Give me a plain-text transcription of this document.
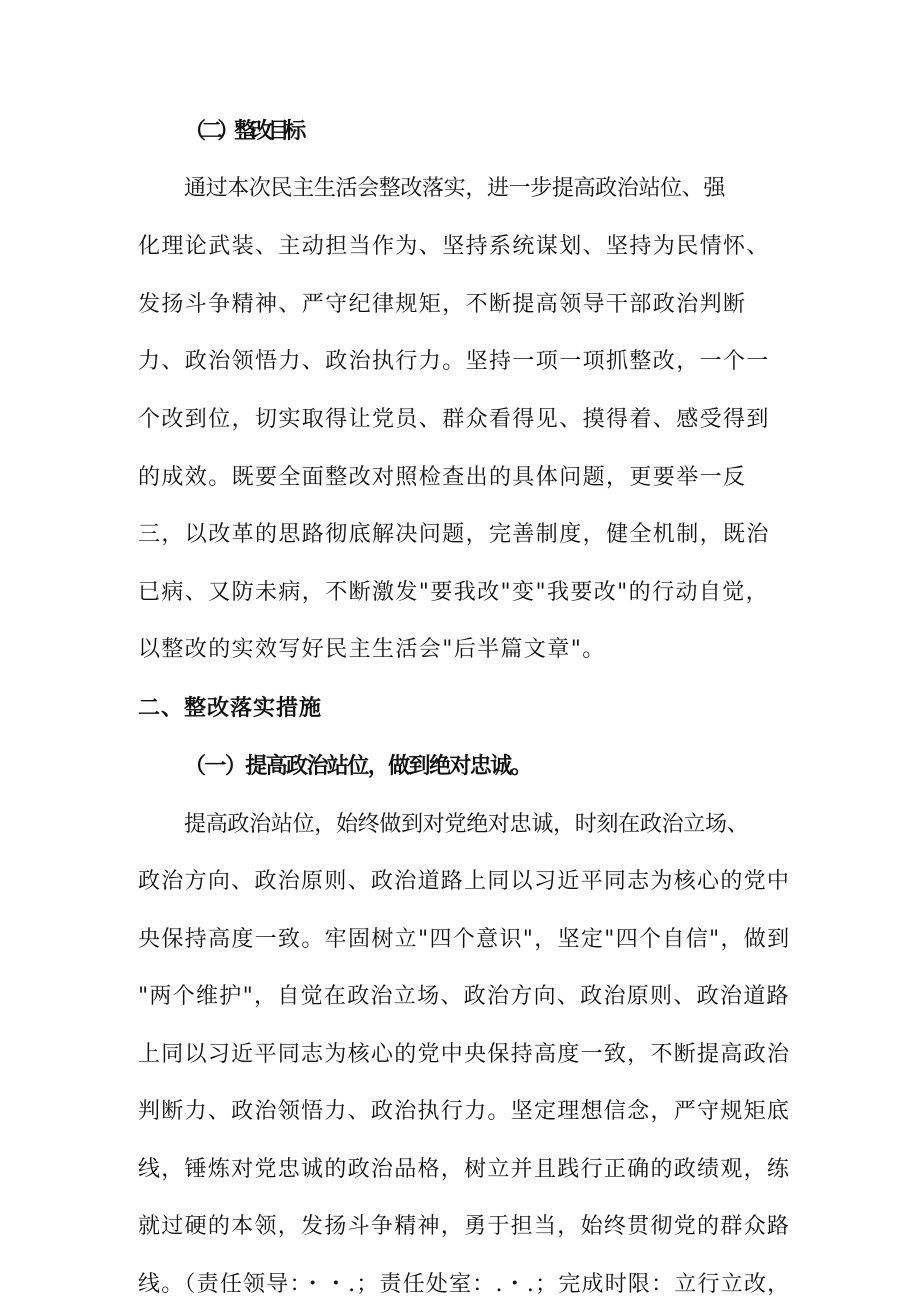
（二）整改目标
通过本次民主生活会整改落实，进一步提高政治站位、强
化理论武装、主动担当作为、坚持系统谋划、坚持为民情怀、
发扬斗争精神、严守纪律规矩，不断提高领导干部政治判断
力、政治领悟力、政治执行力。坚持一项一项抓整改，一个一
个改到位，切实取得让党员、群众看得见、摸得着、感受得到
的成效。既要全面整改对照检查出的具体问题，更要举一反
三，以改革的思路彻底解决问题，完善制度，健全机制，既治
已病、又防未病，不断激发"要我改"变"我要改"的行动自觉，
以整改的实效写好民主生活会"后半篇文章"。
二、整改落实措施
（一）提高政治站位，做到绝对忠诚。
提高政治站位，始终做到对党绝对忠诚，时刻在政治立场、
政治方向、政治原则、政治道路上同以习近平同志为核心的党中
央保持高度一致。牢固树立"四个意识"，坚定"四个自信"，做到
"两个维护"，自觉在政治立场、政治方向、政治原则、政治道路
上同以习近平同志为核心的党中央保持高度一致，不断提高政治
判断力、政治领悟力、政治执行力。坚定理想信念，严守规矩底
线，锤炼对党忠诚的政治品格，树立并且践行正确的政绩观，练
就过硬的本领，发扬斗争精神，勇于担当，始终贯彻党的群众路
线。（责任领导：・・.；责任处室：.・.；完成时限：立行立改，
